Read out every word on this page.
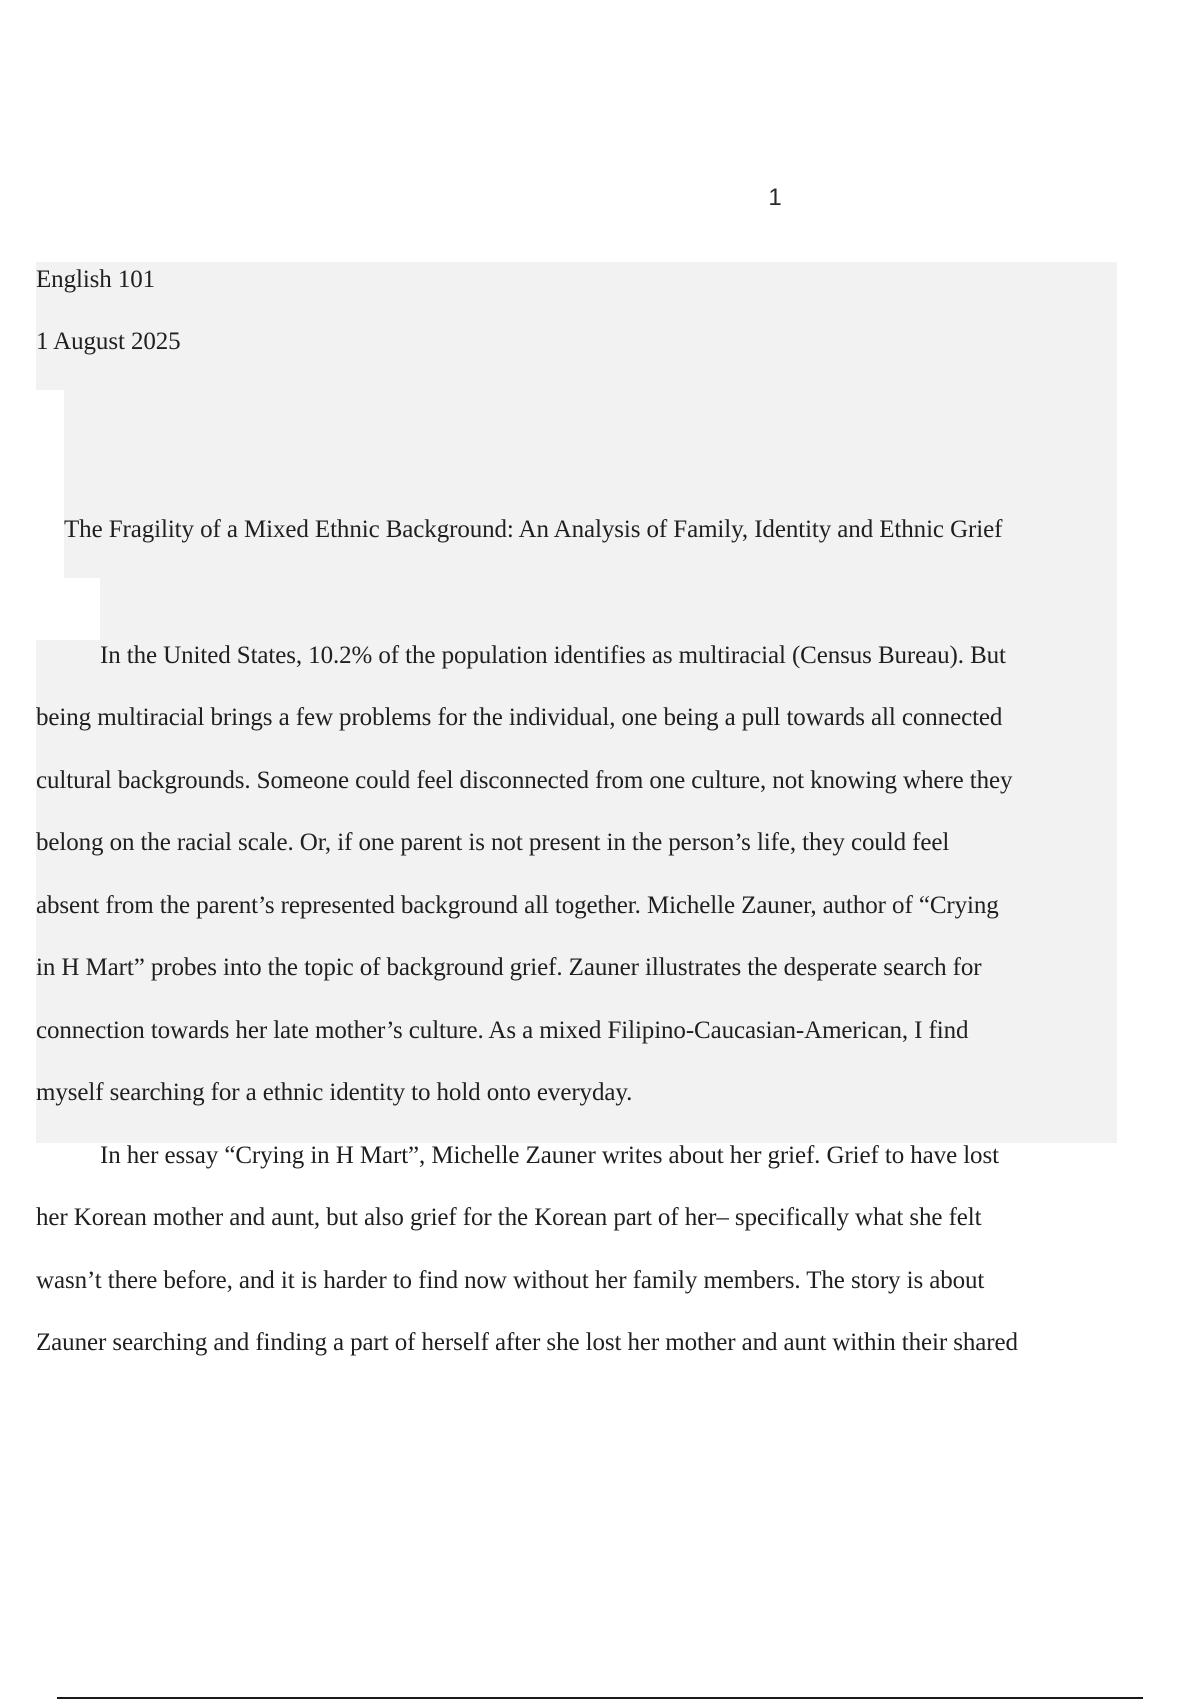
1
English 101
1 August 2025
The Fragility of a Mixed Ethnic Background: An Analysis of Family, Identity and Ethnic Grief
In the United States, 10.2% of the population identifies as multiracial (Census Bureau). But
being multiracial brings a few problems for the individual, one being a pull towards all connected
cultural backgrounds. Someone could feel disconnected from one culture, not knowing where they
belong on the racial scale. Or, if one parent is not present in the person’s life, they could feel
absent from the parent’s represented background all together. Michelle Zauner, author of “Crying
in H Mart” probes into the topic of background grief. Zauner illustrates the desperate search for
connection towards her late mother’s culture. As a mixed Filipino-Caucasian-American, I find
myself searching for a ethnic identity to hold onto everyday.
In her essay “Crying in H Mart”, Michelle Zauner writes about her grief. Grief to have lost
her Korean mother and aunt, but also grief for the Korean part of her– specifically what she felt
wasn’t there before, and it is harder to find now without her family members. The story is about
Zauner searching and finding a part of herself after she lost her mother and aunt within their shared
